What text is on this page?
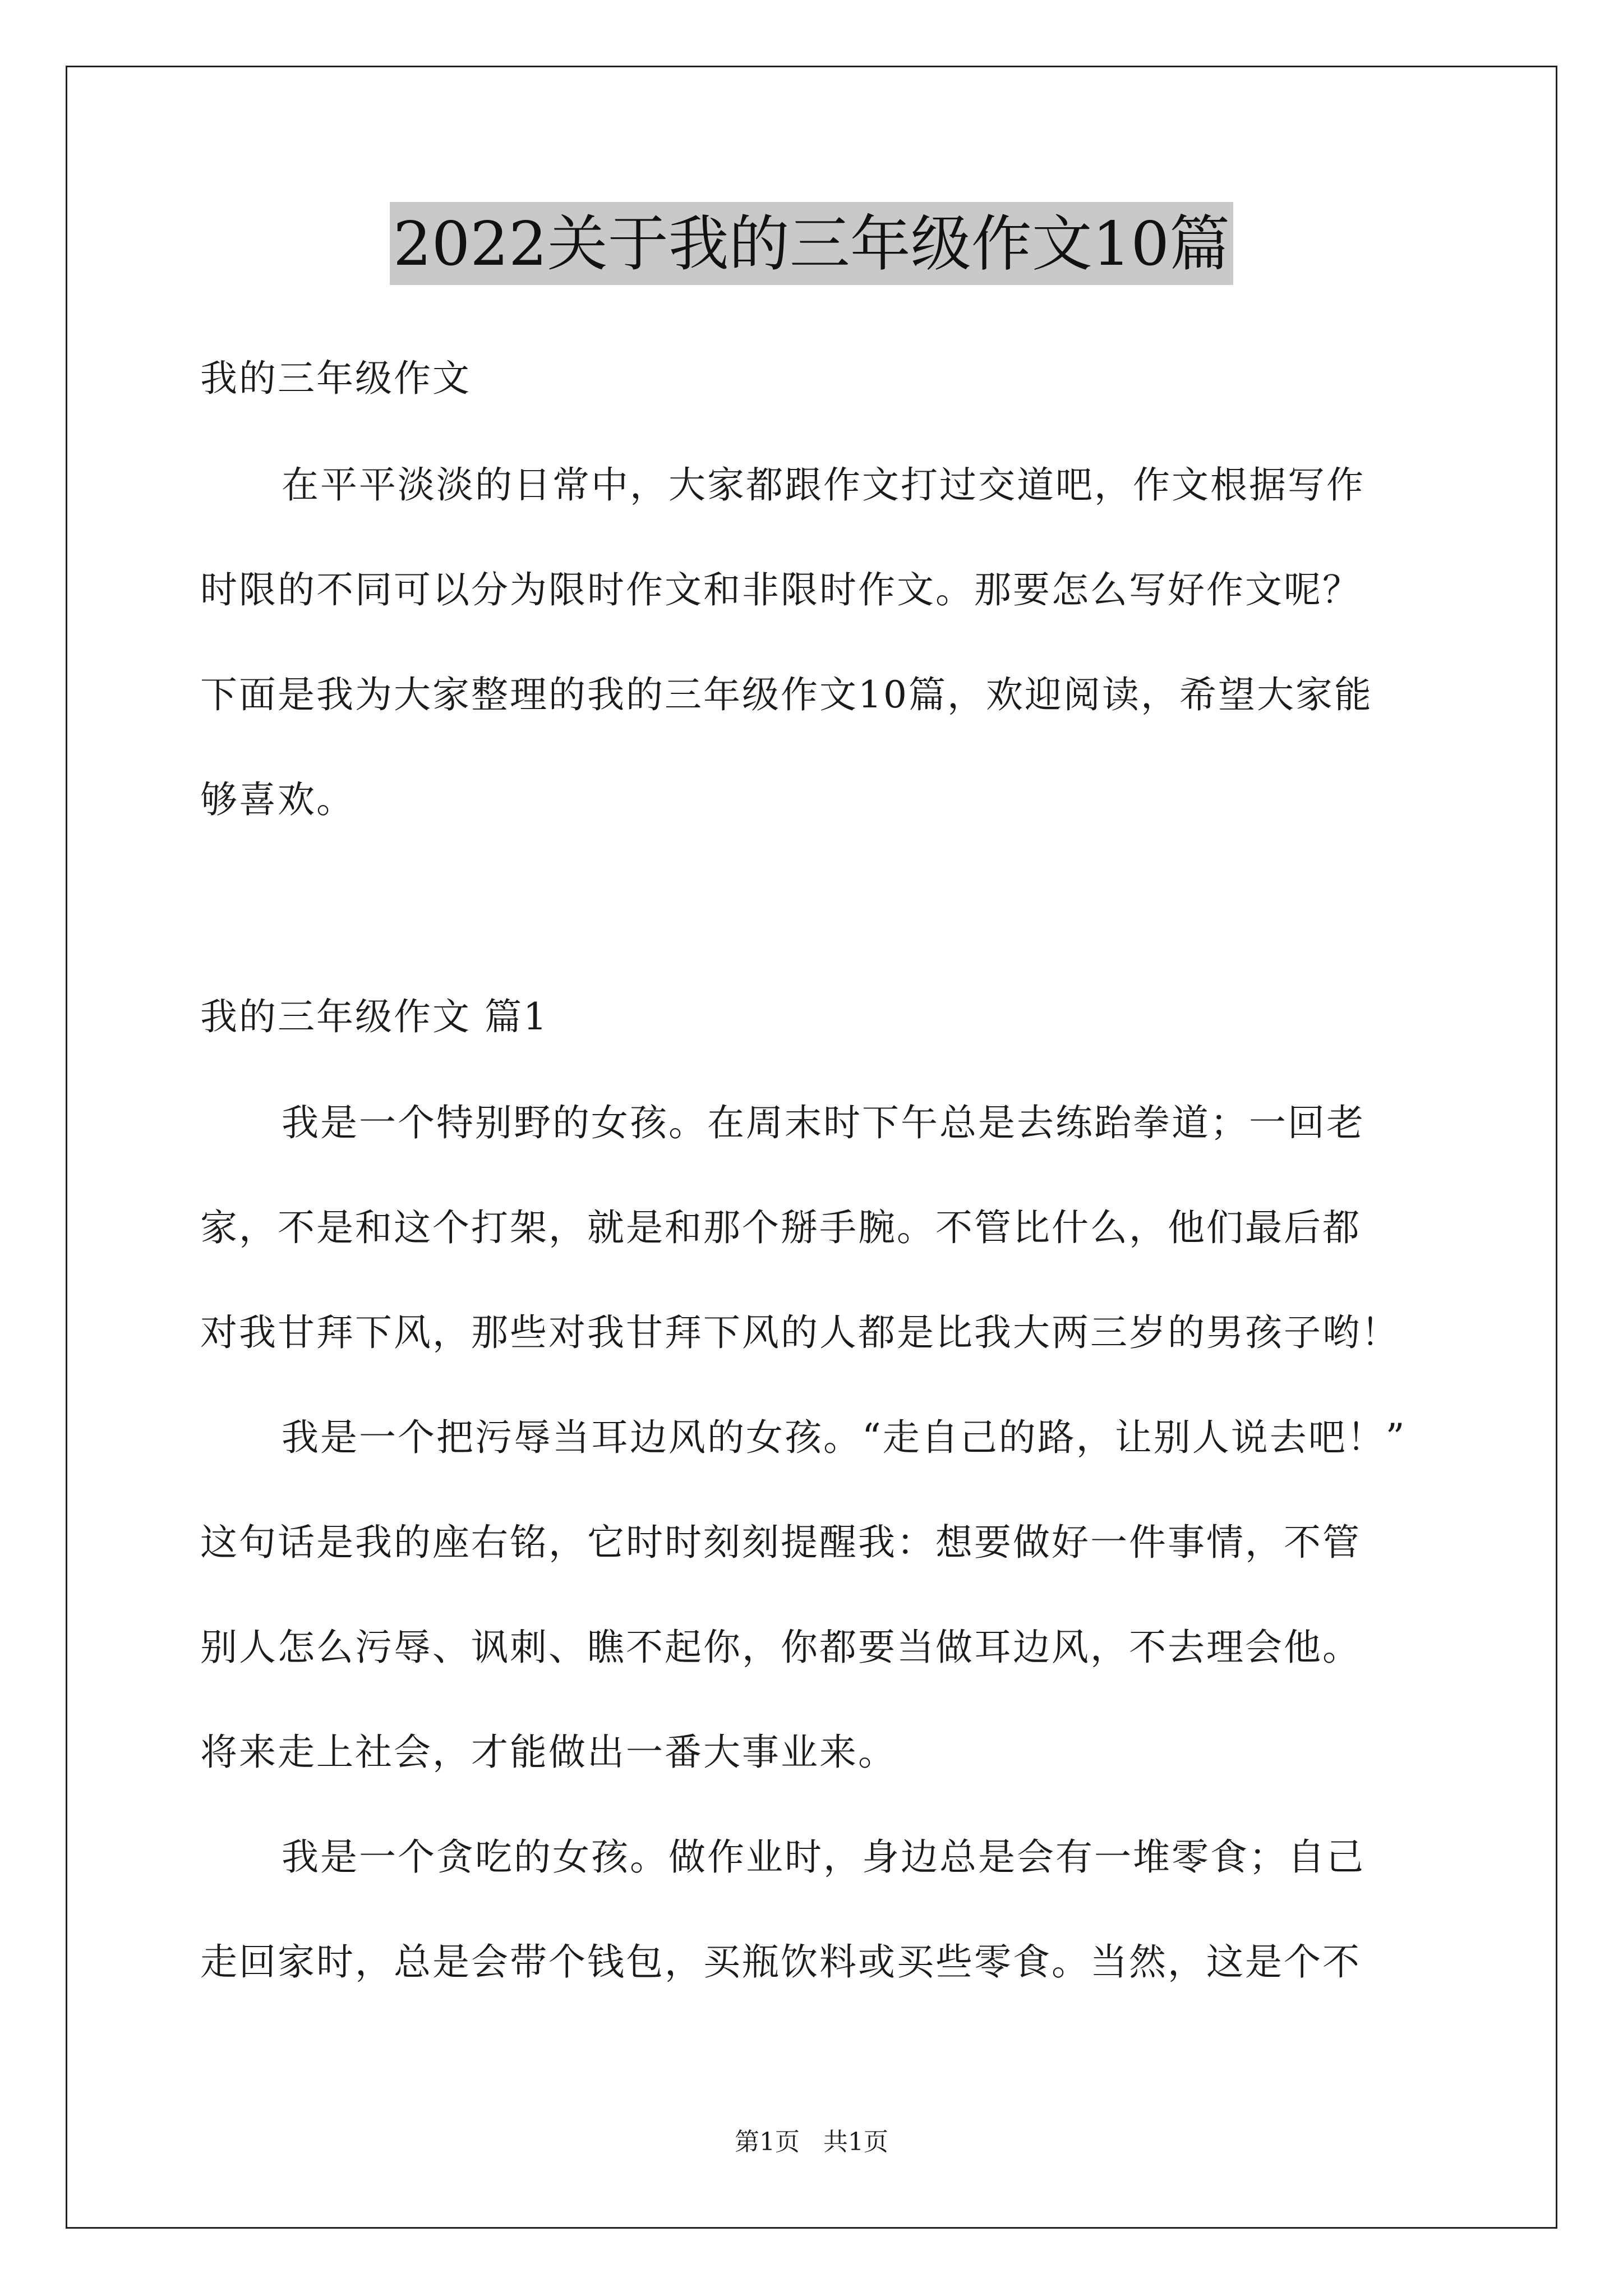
2022关于我的三年级作文10篇
我的三年级作文
在平平淡淡的日常中，大家都跟作文打过交道吧，作文根据写作
时限的不同可以分为限时作文和非限时作文。那要怎么写好作文呢？
下面是我为大家整理的我的三年级作文10篇，欢迎阅读，希望大家能
够喜欢。
我的三年级作文 篇1
我是一个特别野的女孩。在周末时下午总是去练跆拳道；一回老
家，不是和这个打架，就是和那个掰手腕。不管比什么，他们最后都
对我甘拜下风，那些对我甘拜下风的人都是比我大两三岁的男孩子哟！
我是一个把污辱当耳边风的女孩。“走自己的路，让别人说去吧！”
这句话是我的座右铭，它时时刻刻提醒我：想要做好一件事情，不管
别人怎么污辱、讽刺、瞧不起你，你都要当做耳边风，不去理会他。
将来走上社会，才能做出一番大事业来。
我是一个贪吃的女孩。做作业时，身边总是会有一堆零食；自己
走回家时，总是会带个钱包，买瓶饮料或买些零食。当然，这是个不
第1页   共1页
